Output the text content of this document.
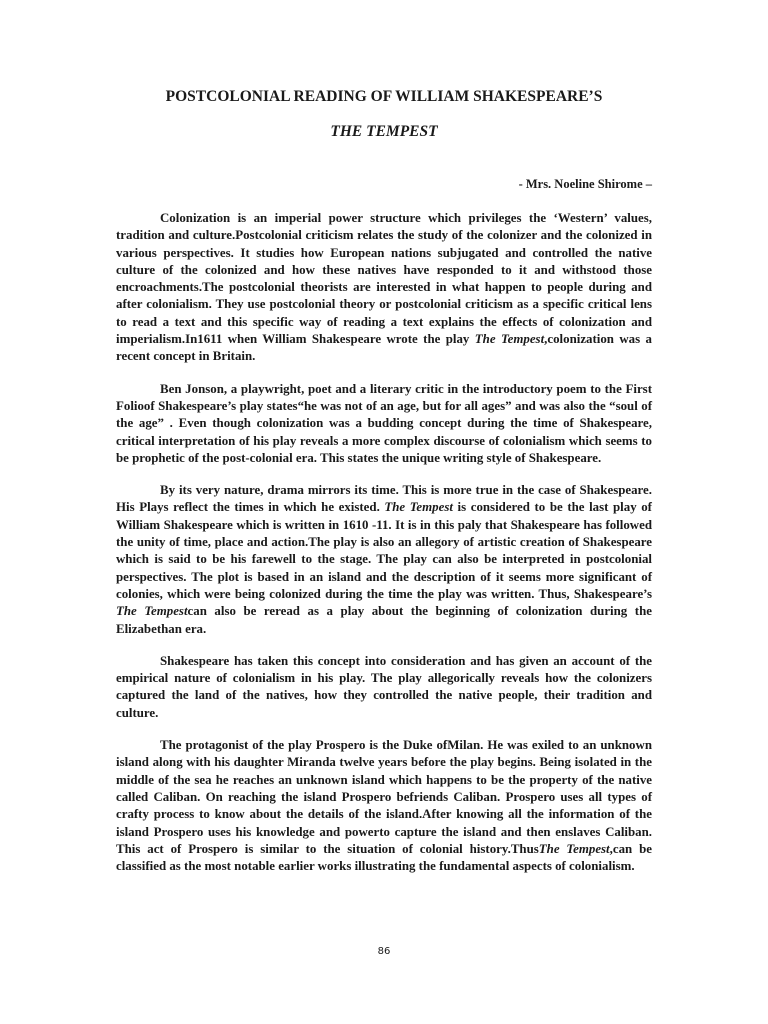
POSTCOLONIAL READING OF WILLIAM SHAKESPEARE’S
THE TEMPEST

- Mrs. Noeline Shirome –

Colonization is an imperial power structure which privileges the ‘Western’ values, tradition and culture.Postcolonial criticism relates the study of the colonizer and the colonized in various perspectives. It studies how European nations subjugated and controlled the native culture of the colonized and how these natives have responded to it and withstood those encroachments.The postcolonial theorists are interested in what happen to people during and after colonialism. They use postcolonial theory or postcolonial criticism as a specific critical lens to read a text and this specific way of reading a text explains the effects of colonization and imperialism.In1611 when William Shakespeare wrote the play The Tempest,colonization was a recent concept in Britain.

Ben Jonson, a playwright, poet and a literary critic in the introductory poem to the First Folioof Shakespeare’s play states“he was not of an age, but for all ages” and was also the “soul of the age” . Even though colonization was a budding concept during the time of Shakespeare, critical interpretation of his play reveals a more complex discourse of colonialism which seems to be prophetic of the post-colonial era. This states the unique writing style of Shakespeare.

By its very nature, drama mirrors its time. This is more true in the case of Shakespeare. His Plays reflect the times in which he existed. The Tempest is considered to be the last play of William Shakespeare which is written in 1610 -11. It is in this paly that Shakespeare has followed the unity of time, place and action.The play is also an allegory of artistic creation of Shakespeare which is said to be his farewell to the stage. The play can also be interpreted in postcolonial perspectives. The plot is based in an island and the description of it seems more significant of colonies, which were being colonized during the time the play was written. Thus, Shakespeare’s The Tempestcan also be reread as a play about the beginning of colonization during the Elizabethan era.

Shakespeare has taken this concept into consideration and has given an account of the empirical nature of colonialism in his play. The play allegorically reveals how the colonizers captured the land of the natives, how they controlled the native people, their tradition and culture.

The protagonist of the play Prospero is the Duke ofMilan. He was exiled to an unknown island along with his daughter Miranda twelve years before the play begins. Being isolated in the middle of the sea he reaches an unknown island which happens to be the property of the native called Caliban. On reaching the island Prospero befriends Caliban. Prospero uses all types of crafty process to know about the details of the island.After knowing all the information of the island Prospero uses his knowledge and powerto capture the island and then enslaves Caliban. This act of Prospero is similar to the situation of colonial history.ThusThe Tempest,can be classified as the most notable earlier works illustrating the fundamental aspects of colonialism.

86
